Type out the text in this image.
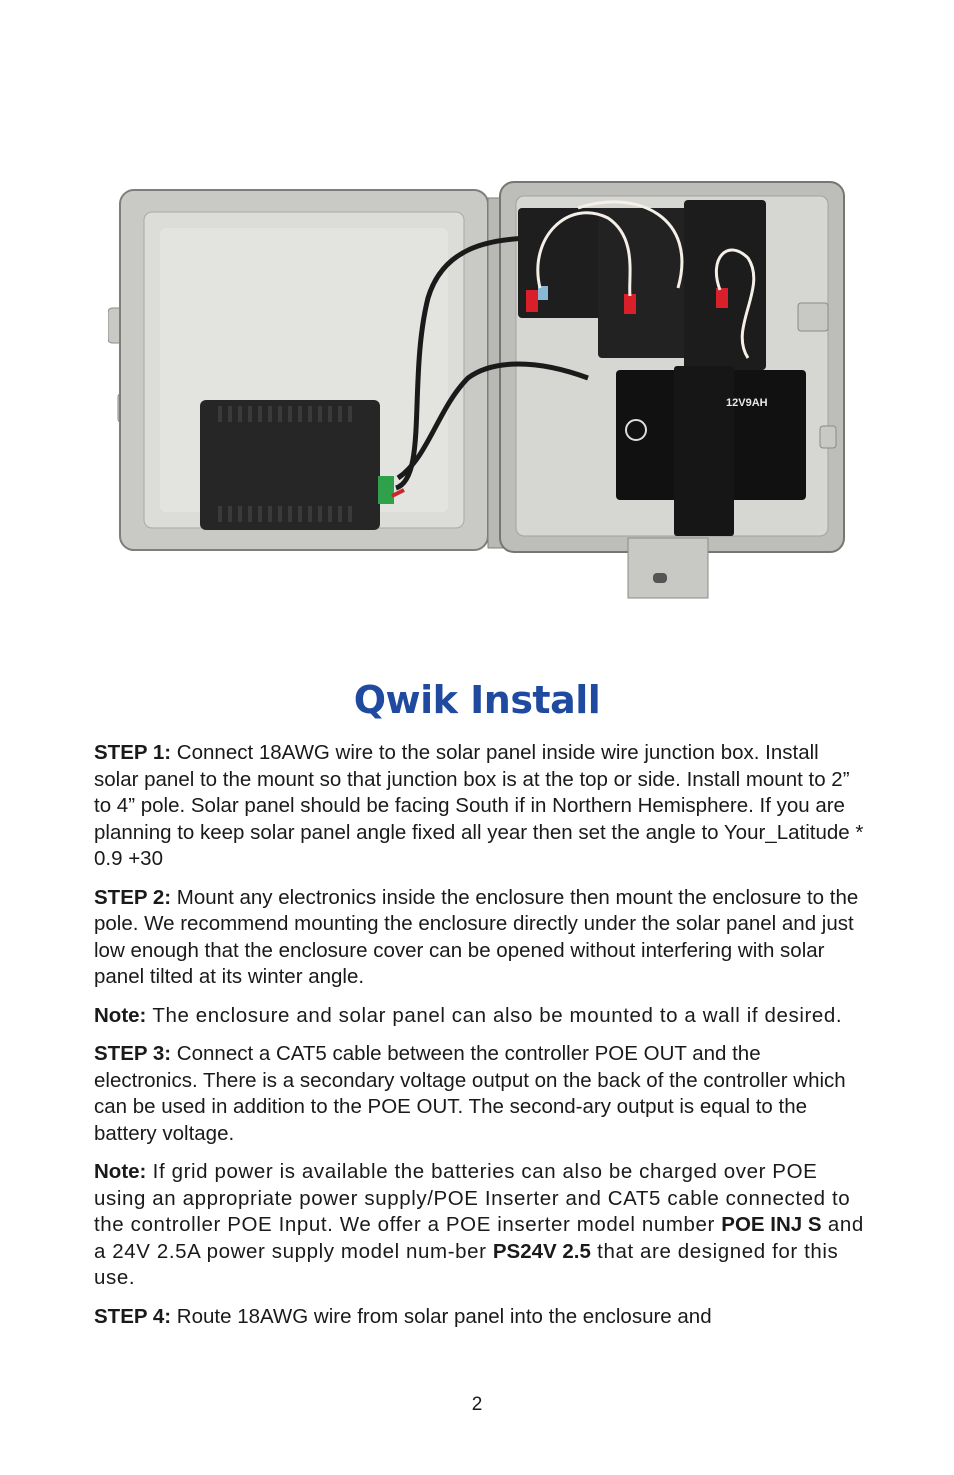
12V9AH
Qwik Install

STEP 1: Connect 18AWG wire to the solar panel inside wire junction box. Install solar panel to the mount so that junction box is at the top or side. Install mount to 2” to 4” pole. Solar panel should be facing South if in Northern Hemisphere. If you are planning to keep solar panel angle fixed all year then set the angle to Your_Latitude * 0.9 +30

STEP 2: Mount any electronics inside the enclosure then mount the enclosure to the pole. We recommend mounting the enclosure directly under the solar panel and just low enough that the enclosure cover can be opened without interfering with solar panel tilted at its winter angle.

Note: The enclosure and solar panel can also be mounted to a wall if desired.

STEP 3: Connect a CAT5 cable between the controller POE OUT and the electronics. There is a secondary voltage output on the back of the controller which can be used in addition to the POE OUT. The second-ary output is equal to the battery voltage.

Note: If grid power is available the batteries can also be charged over POE using an appropriate power supply/POE Inserter and CAT5 cable connected to the controller POE Input. We offer a POE inserter model number POE INJ S and a 24V 2.5A power supply model num-ber PS24V 2.5 that are designed for this use.

STEP 4: Route 18AWG wire from solar panel into the enclosure and

2
